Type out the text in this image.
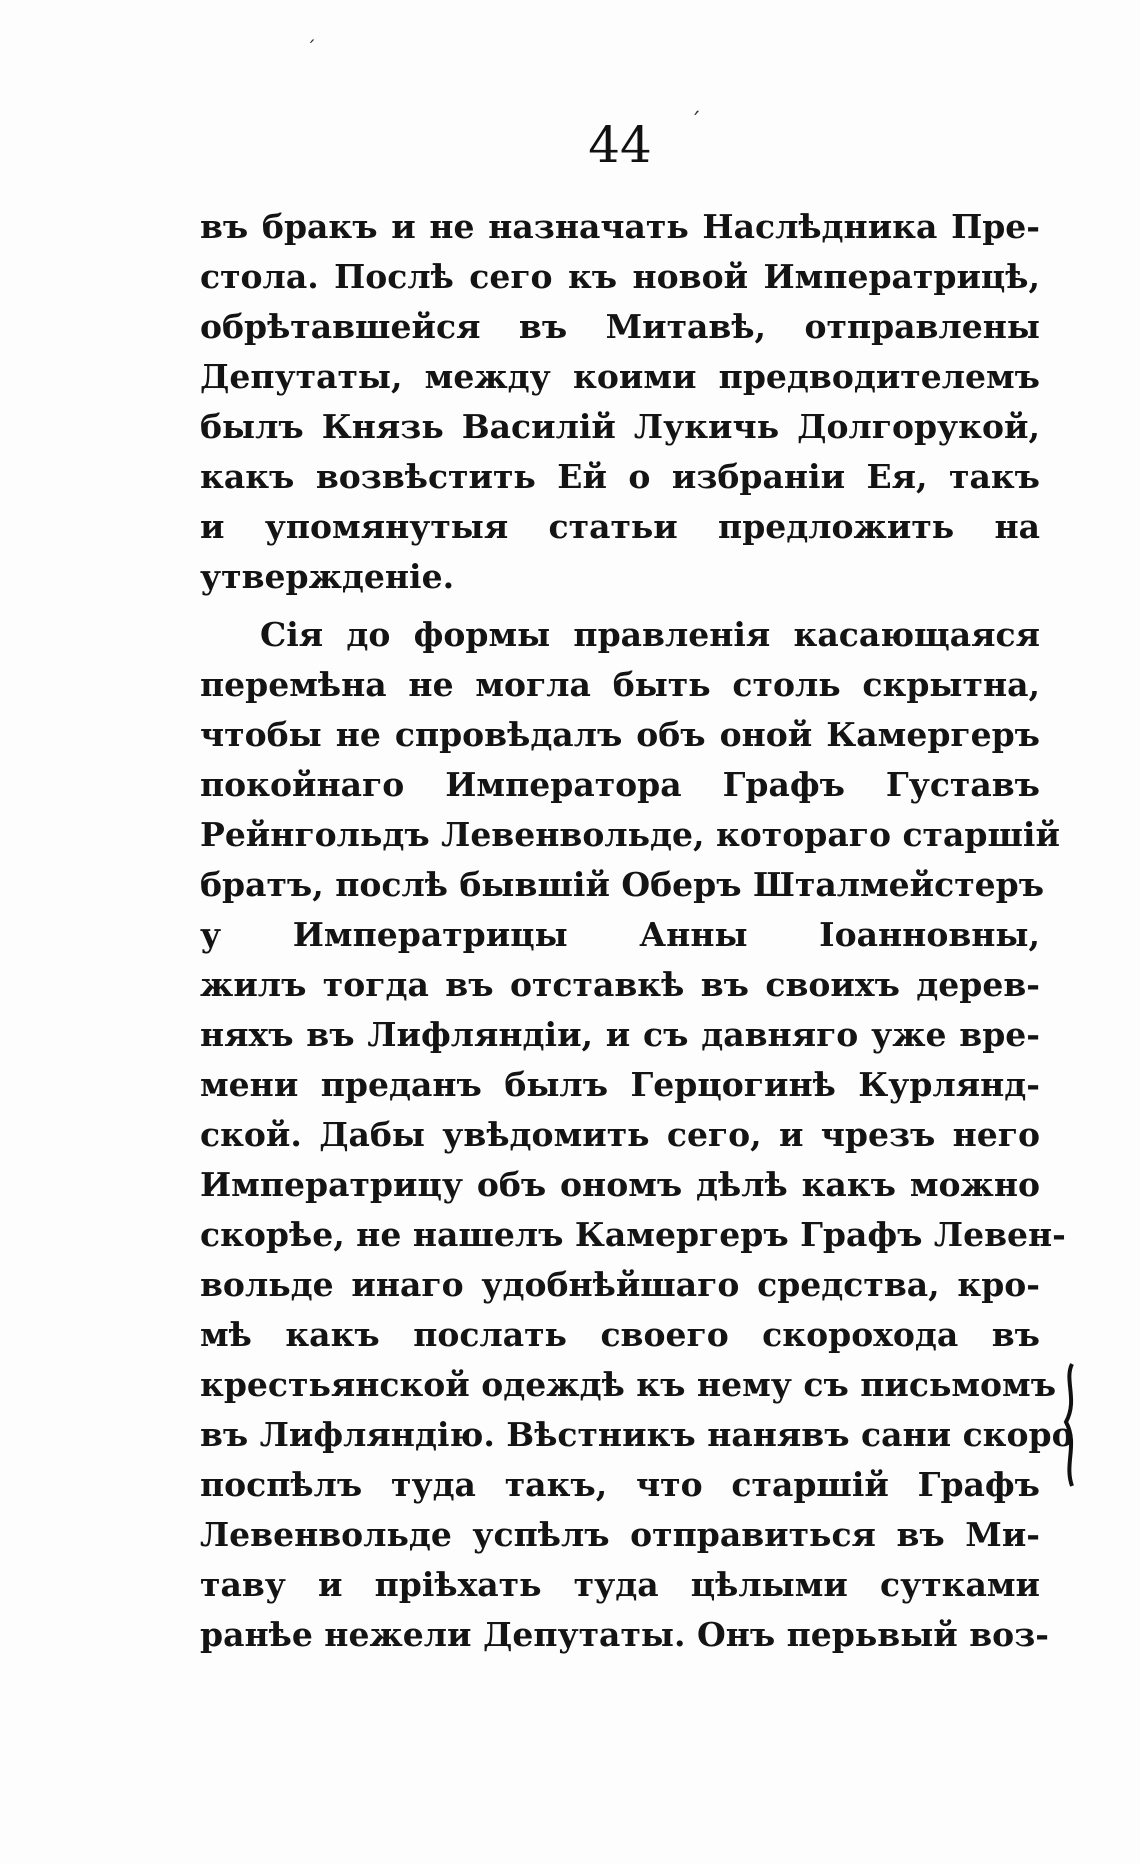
44
ˊ
ˊ
въ бракъ и не назначать Наслѣдника Пре-
стола. Послѣ сего къ новой Императрицѣ,
обрѣтавшейся въ Митавѣ, отправлены
Депутаты, между коими предводителемъ
былъ Князь Василій Лукичь Долгорукой,
какъ возвѣстить Ей о избраніи Ея, такъ
и упомянутыя статьи предложить на
утвержденіе.
Сія до формы правленія касающаяся
перемѣна не могла быть столь скрытна,
чтобы не спровѣдалъ объ оной Камергеръ
покойнаго Императора Графъ Густавъ
Рейнгольдъ Левенвольде, котораго старшій
братъ, послѣ бывшій Оберъ Шталмейстеръ
у Императрицы Анны Іоанновны,
жилъ тогда въ отставкѣ въ своихъ дерев-
няхъ въ Лифляндіи, и съ давняго уже вре-
мени преданъ былъ Герцогинѣ Курлянд-
ской. Дабы увѣдомить сего, и чрезъ него
Императрицу объ ономъ дѣлѣ какъ можно
скорѣе, не нашелъ Камергеръ Графъ Левен-
вольде инаго удобнѣйшаго средства, кро-
мѣ какъ послать своего скорохода въ
крестьянской одеждѣ къ нему съ письмомъ
въ Лифляндію. Вѣстникъ нанявъ сани скоро
поспѣлъ туда такъ, что старшій Графъ
Левенвольде успѣлъ отправиться въ Ми-
таву и пріѣхать туда цѣлыми сутками
ранѣе нежели Депутаты. Онъ перьвый воз-
